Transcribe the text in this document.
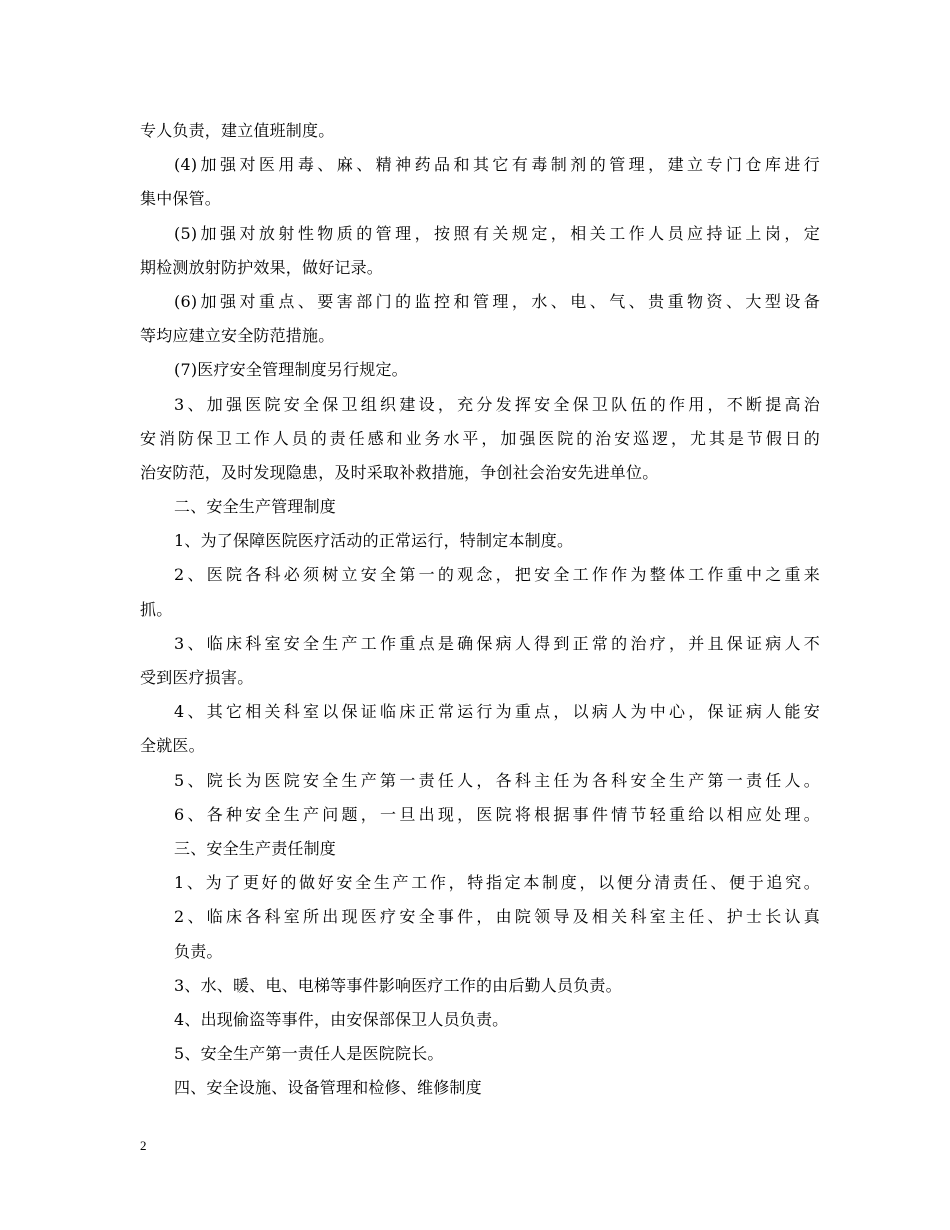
专人负责，建立值班制度。
(4)加强对医用毒、麻、精神药品和其它有毒制剂的管理，建立专门仓库进行
集中保管。
(5)加强对放射性物质的管理，按照有关规定，相关工作人员应持证上岗，定
期检测放射防护效果，做好记录。
(6)加强对重点、要害部门的监控和管理，水、电、气、贵重物资、大型设备
等均应建立安全防范措施。
(7)医疗安全管理制度另行规定。
3、加强医院安全保卫组织建设，充分发挥安全保卫队伍的作用，不断提高治
安消防保卫工作人员的责任感和业务水平，加强医院的治安巡逻，尤其是节假日的
治安防范，及时发现隐患，及时采取补救措施，争创社会治安先进单位。
二、安全生产管理制度
1、为了保障医院医疗活动的正常运行，特制定本制度。
2、医院各科必须树立安全第一的观念，把安全工作作为整体工作重中之重来
抓。
3、临床科室安全生产工作重点是确保病人得到正常的治疗，并且保证病人不
受到医疗损害。
4、其它相关科室以保证临床正常运行为重点，以病人为中心，保证病人能安
全就医。
5、院长为医院安全生产第一责任人，各科主任为各科安全生产第一责任人。
6、各种安全生产问题，一旦出现，医院将根据事件情节轻重给以相应处理。
三、安全生产责任制度
1、为了更好的做好安全生产工作，特指定本制度，以便分清责任、便于追究。
2、临床各科室所出现医疗安全事件，由院领导及相关科室主任、护士长认真
负责。
3、水、暖、电、电梯等事件影响医疗工作的由后勤人员负责。
4、出现偷盗等事件，由安保部保卫人员负责。
5、安全生产第一责任人是医院院长。
四、安全设施、设备管理和检修、维修制度
2
